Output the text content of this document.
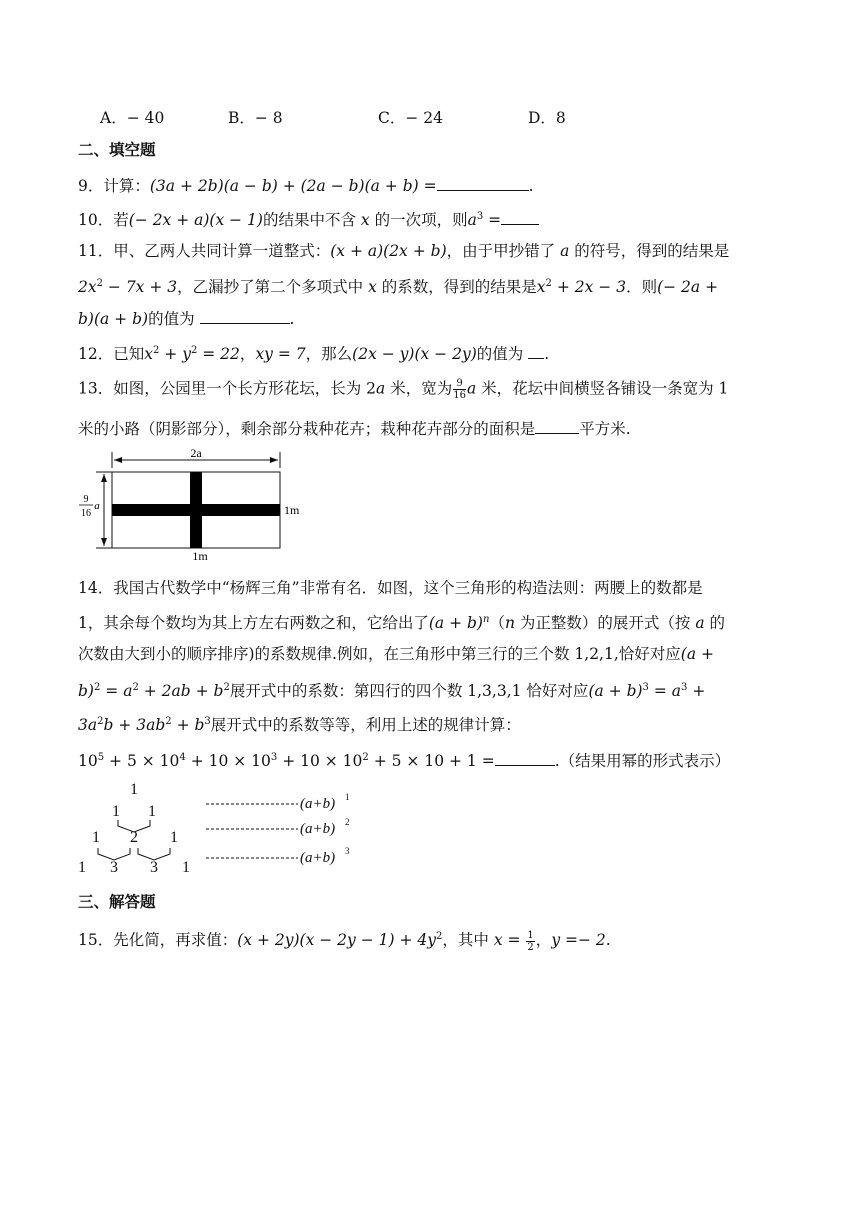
A．− 40	B．− 8	C．− 24	D．8
二、填空题
9．计算：(3a + 2b)(a − b) + (2a − b)(a + b) =	.
10．若(− 2x + a)(x − 1)的结果中不含 x 的一次项，则$a^3$ =
11．甲、乙两人共同计算一道整式：(x + a)(2x + b)，由于甲抄错了 a 的符号，得到的结果是
$2x^2 - 7x + 3$，乙漏抄了第二个多项式中 x 的系数，得到的结果是$x^2 + 2x - 3$．则(− 2a +
b)(a + b)的值为	.
12．已知$x^2 + y^2 = 22$，xy = 7，那么(2x − y)(x − 2y)的值为 .
13．如图，公园里一个长方形花坛，长为 2a 米，宽为 $\frac{9}{16}$ a 米，花坛中间横竖各铺设一条宽为 1
米的小路（阴影部分），剩余部分栽种花卉；栽种花卉部分的面积是	平方米.
2a
9
16
a	1m
1m
14．我国古代数学中“杨辉三角”非常有名．如图，这个三角形的构造法则：两腰上的数都是
1，其余每个数均为其上方左右两数之和，它给出了$(a + b)^n(n$ 为正整数）的展开式（按 a 的
次数由大到小的顺序排序)的系数规律.例如，在三角形中第三行的三个数 1,2,1,恰好对应(a +
$b)^2 = a^2 + 2ab + b^2$展开式中的系数：第四行的四个数 1,3,3,1 恰好对应$(a + b)^3 = a^3$ +
$3a^2b + 3ab^2 + b^3$展开式中的系数等等，利用上述的规律计算：
$10^5 + 5 \times 10^4 + 10 \times 10^3 + 10 \times 10^2 + 5 \times 10 + 1$ =	.（结果用幂的形式表示）
1
1 1
1 2 1
1 3 3 1
(a+b) 1
(a+b) 2
(a+b) 3
三、解答题
15．先化简，再求值：$(x + 2y)(x - 2y - 1) + 4y^2$，其中 $x = \frac{1}{2}$ ，y =− 2.
